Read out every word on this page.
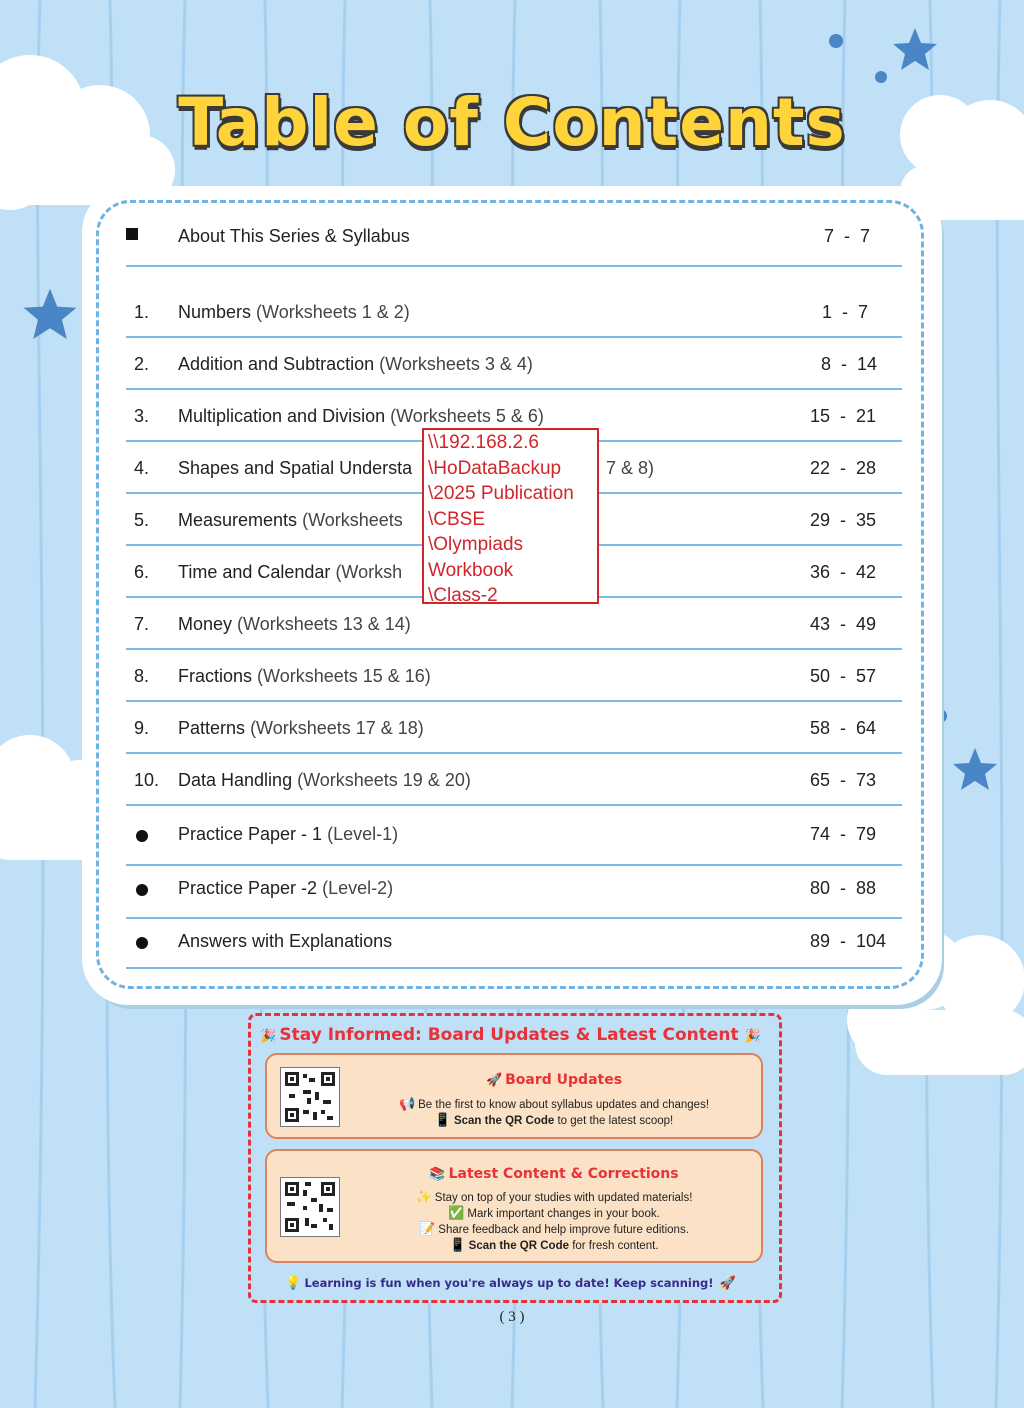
Table of Contents
About This Series & Syllabus	7  -  7
1. Numbers (Worksheets 1 & 2)	1  -  7
2. Addition and Subtraction (Worksheets 3 & 4)	8  -  14
3. Multiplication and Division (Worksheets 5 & 6)	15  -  21
4. Shapes and Spatial Understa	7 & 8)	22  -  28
5. Measurements (Worksheets	29  -  35
6. Time and Calendar (Worksh	36  -  42
7. Money (Worksheets 13 & 14)	43  -  49
8. Fractions (Worksheets 15 & 16)	50  -  57
9. Patterns (Worksheets 17 & 18)	58  -  64
10. Data Handling (Worksheets 19 & 20)	65  -  73
Practice Paper - 1 (Level-1)	74  -  79
Practice Paper -2 (Level-2)	80  -  88
Answers with Explanations	89  -  104
\\192.168.2.6
\HoDataBackup
\2025 Publication
\CBSE
\Olympiads
Workbook
\Class-2
🎉 Stay Informed: Board Updates & Latest Content 🎉
🚀 Board Updates
📢 Be the first to know about syllabus updates and changes!
📱 Scan the QR Code to get the latest scoop!
📚 Latest Content & Corrections
✨ Stay on top of your studies with updated materials!
✅ Mark important changes in your book.
📝 Share feedback and help improve future editions.
📱 Scan the QR Code for fresh content.
💡 Learning is fun when you're always up to date! Keep scanning! 🚀
( 3 )
